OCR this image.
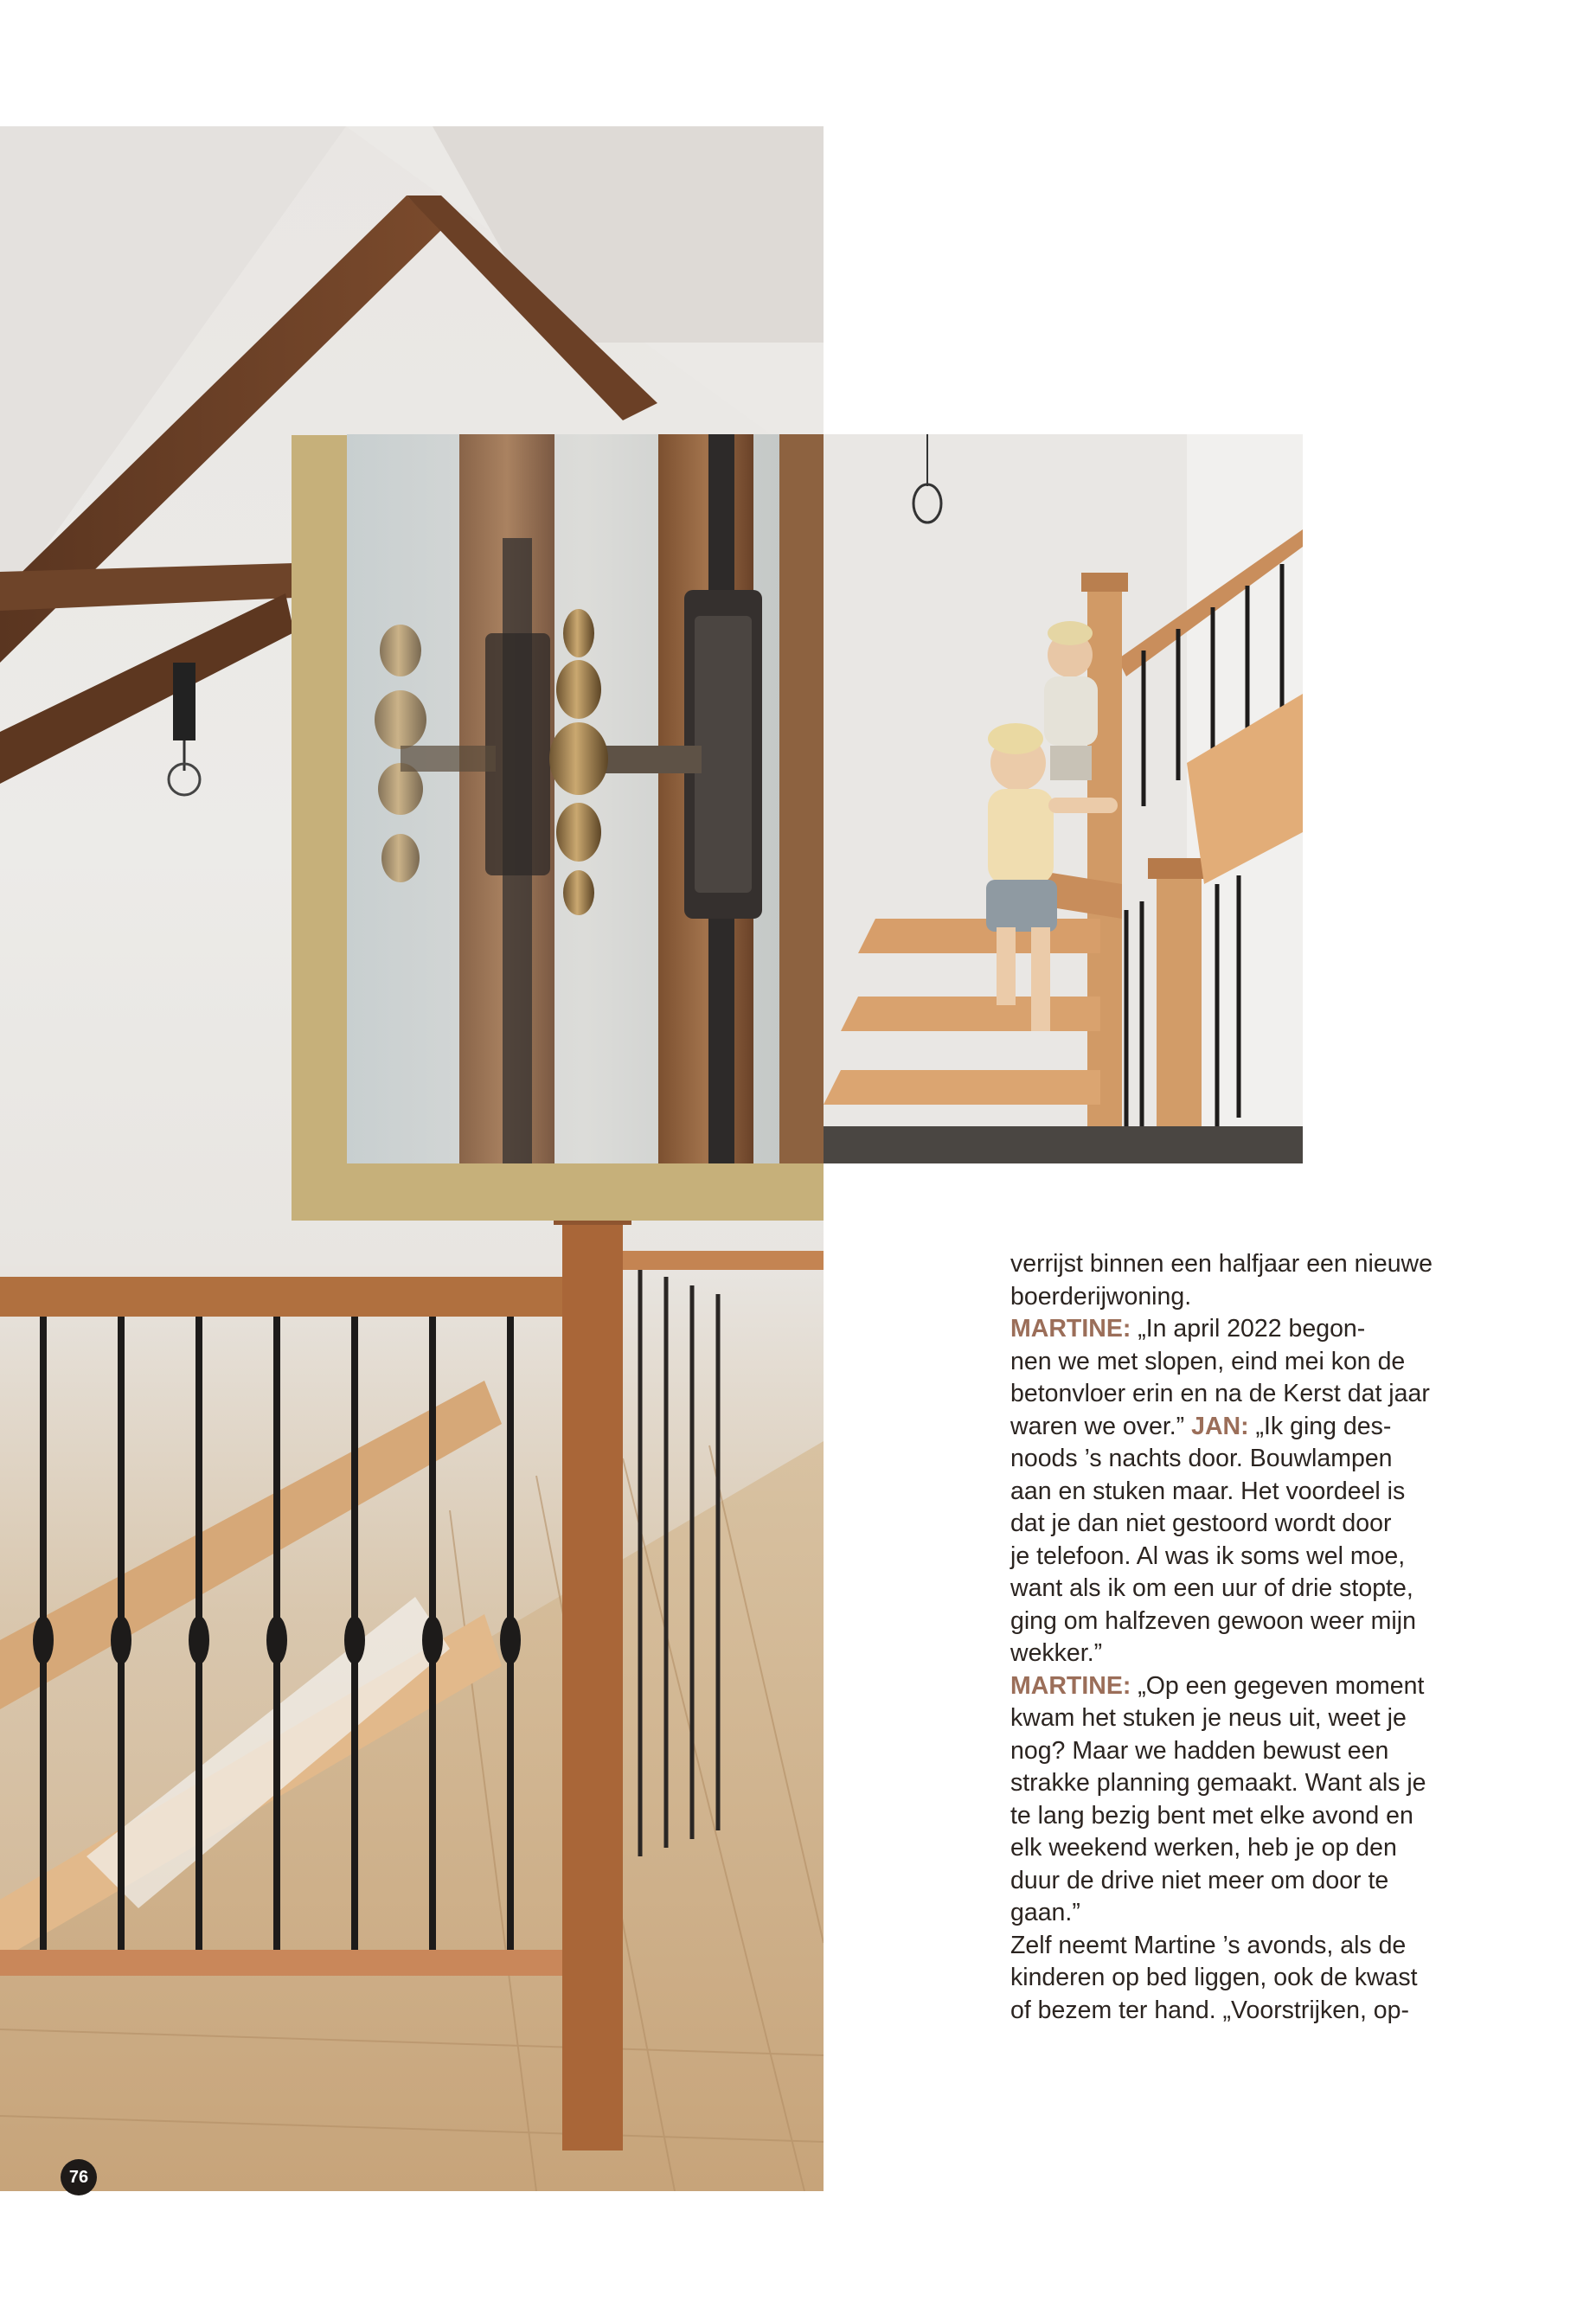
verrijst binnen een halfjaar een nieuwe
boerderijwoning.
MARTINE: „In april 2022 begon-
nen we met slopen, eind mei kon de
betonvloer erin en na de Kerst dat jaar
waren we over.” JAN: „Ik ging des-
noods ’s nachts door. Bouwlampen
aan en stuken maar. Het voordeel is
dat je dan niet gestoord wordt door
je telefoon. Al was ik soms wel moe,
want als ik om een uur of drie stopte,
ging om halfzeven gewoon weer mijn
wekker.”
MARTINE: „Op een gegeven moment
kwam het stuken je neus uit, weet je
nog? Maar we hadden bewust een
strakke planning gemaakt. Want als je
te lang bezig bent met elke avond en
elk weekend werken, heb je op den
duur de drive niet meer om door te
gaan.”
Zelf neemt Martine ’s avonds, als de
kinderen op bed liggen, ook de kwast
of bezem ter hand. „Voorstrijken, op-
76
